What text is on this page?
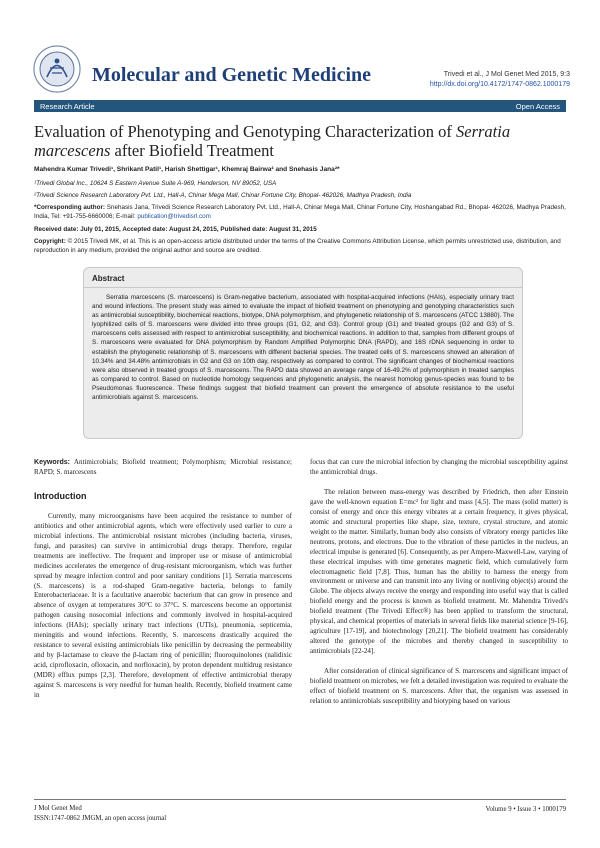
Molecular and Genetic Medicine	Trivedi et al., J Mol Genet Med 2015, 9:3
http://dx.doi.org/10.4172/1747-0862.1000179
Research Article	Open Access
Evaluation of Phenotyping and Genotyping Characterization of Serratia marcescens after Biofield Treatment
Mahendra Kumar Trivedi¹, Shrikant Patil¹, Harish Shettigar¹, Khemraj Bairwa² and Snehasis Jana²*
¹Trivedi Global Inc., 10624 S Eastern Avenue Suite A-969, Henderson, NV 89052, USA
²Trivedi Science Research Laboratory Pvt. Ltd., Hall-A, Chinar Mega Mall, Chinar Fortune City, Bhopal- 462026, Madhya Pradesh, India
*Corresponding author: Snehasis Jana, Trivedi Science Research Laboratory Pvt. Ltd., Hall-A, Chinar Mega Mall, Chinar Fortune City, Hoshangabad Rd., Bhopal- 462026, Madhya Pradesh, India, Tel: +91-755-6660006; E-mail: publication@trivedisrl.com
Received date: July 01, 2015, Accepted date: August 24, 2015, Published date: August 31, 2015
Copyright: © 2015 Trivedi MK, et al. This is an open-access article distributed under the terms of the Creative Commons Attribution License, which permits unrestricted use, distribution, and reproduction in any medium, provided the original author and source are credited.
Abstract
Serratia marcescens (S. marcescens) is Gram-negative bacterium, associated with hospital-acquired infections (HAIs), especially urinary tract and wound infections. The present study was aimed to evaluate the impact of biofield treatment on phenotyping and genotyping characteristics such as antimicrobial susceptibility, biochemical reactions, biotype, DNA polymorphism, and phylogenetic relationship of S. marcescens (ATCC 13880). The lyophilized cells of S. marcescens were divided into three groups (G1, G2, and G3). Control group (G1) and treated groups (G2 and G3) of S. marcescens cells assessed with respect to antimicrobial susceptibility, and biochemical reactions. In addition to that, samples from different groups of S. marcescens were evaluated for DNA polymorphism by Random Amplified Polymorphic DNA (RAPD), and 16S rDNA sequencing in order to establish the phylogenetic relationship of S. marcescens with different bacterial species. The treated cells of S. marcescens showed an alteration of 10.34% and 34.48% antimicrobials in G2 and G3 on 10th day, respectively as compared to control. The significant changes of biochemical reactions were also observed in treated groups of S. marcescens. The RAPD data showed an average range of 16-49.2% of polymorphism in treated samples as compared to control. Based on nucleotide homology sequences and phylogenetic analysis, the nearest homolog genus-species was found to be Pseudomonas fluorescence. These findings suggest that biofield treatment can prevent the emergence of absolute resistance to the useful antimicrobials against S. marcescens.

Keywords: Antimicrobials; Biofield treatment; Polymorphism; Microbial resistance; RAPD; S. marcescens

Introduction

Currently, many microorganisms have been acquired the resistance to number of antibiotics and other antimicrobial agents, which were effectively used earlier to cure a microbial infections. The antimicrobial resistant microbes (including bacteria, viruses, fungi, and parasites) can survive in antimicrobial drugs therapy. Therefore, regular treatments are ineffective. The frequent and improper use or misuse of antimicrobial medicines accelerates the emergence of drug-resistant microorganism, which was further spread by meagre infection control and poor sanitary conditions [1]. Serratia marcescens (S. marcescens) is a rod-shaped Gram-negative bacteria, belongs to family Enterobacteriaceae. It is a facultative anaerobic bacterium that can grow in presence and absence of oxygen at temperatures 30°C to 37°C. S. marcescens become an opportunist pathogen causing nosocomial infections and commonly involved in hospital-acquired infections (HAIs); specially urinary tract infections (UTIs), pneumonia, septicemia, meningitis and wound infections. Recently, S. marcescens drastically acquired the resistance to several existing antimicrobials like penicillin by decreasing the permeability and by β-lactamase to cleave the β-lactam ring of penicillin; fluoroquinolones (nalidixic acid, ciprofloxacin, ofloxacin, and norfloxacin), by proton dependent multidrug resistance (MDR) efflux pumps [2,3]. Therefore, development of effective antimicrobial therapy against S. marcescens is very needful for human health. Recently, biofield treatment came in

focus that can cure the microbial infection by changing the microbial susceptibility against the antimicrobial drugs.

The relation between mass-energy was described by Friedrich, then after Einstein gave the well-known equation E=mc² for light and mass [4,5]. The mass (solid matter) is consist of energy and once this energy vibrates at a certain frequency, it gives physical, atomic and structural properties like shape, size, texture, crystal structure, and atomic weight to the matter. Similarly, human body also consists of vibratory energy particles like neutrons, protons, and electrons. Due to the vibration of these particles in the nucleus, an electrical impulse is generated [6]. Consequently, as per Ampere-Maxwell-Law, varying of these electrical impulses with time generates magnetic field, which cumulatively form electromagnetic field [7,8]. Thus, human has the ability to harness the energy from environment or universe and can transmit into any living or nonliving object(s) around the Globe. The objects always receive the energy and responding into useful way that is called biofield energy and the process is known as biofield treatment. Mr. Mahendra Trivedi's biofield treatment (The Trivedi Effect®) has been applied to transform the structural, physical, and chemical properties of materials in several fields like material science [9-16], agriculture [17-19], and biotechnology [20,21]. The biofield treatment has considerably altered the genotype of the microbes and thereby changed in susceptibility to antimicrobials [22-24].

After consideration of clinical significance of S. marcescens and significant impact of biofield treatment on microbes, we felt a detailed investigation was required to evaluate the effect of biofield treatment on S. marcescens. After that, the organism was assessed in relation to antimicrobials susceptibility and biotyping based on various

J Mol Genet Med
ISSN:1747-0862 JMGM, an open access journal
Volume 9 • Issue 3 • 1000179
